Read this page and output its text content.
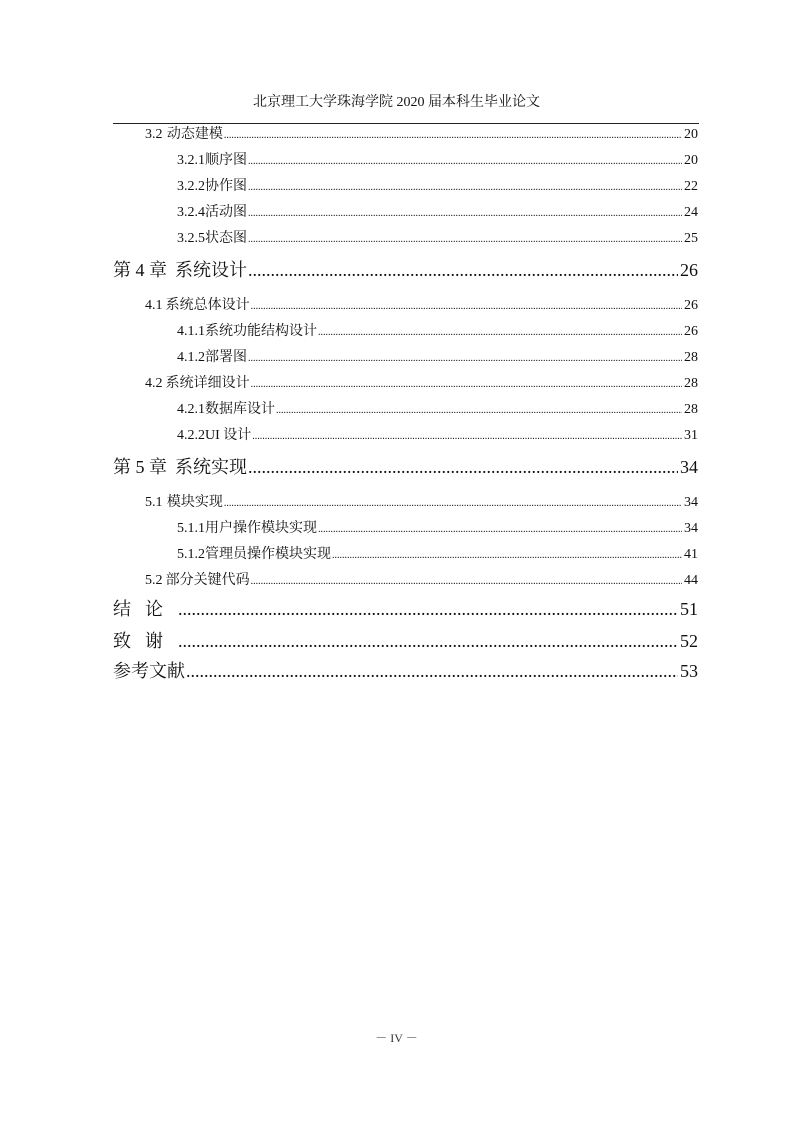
北京理工大学珠海学院 2020 届本科生毕业论文
3.2 动态建模 .....	20
3.2.1 顺序图 .....	20
3.2.2 协作图 .....	22
3.2.4 活动图 .....	24
3.2.5 状态图 .....	25
第 4 章 系统设计 .....	26
4.1 系统总体设计 .....	26
4.1.1 系统功能结构设计 .....	26
4.1.2 部署图 .....	28
4.2 系统详细设计 .....	28
4.2.1 数据库设计 .....	28
4.2.2 UI 设计 .....	31
第 5 章 系统实现 .....	34
5.1 模块实现 .....	34
5.1.1 用户操作模块实现 .....	34
5.1.2 管理员操作模块实现 .....	41
5.2 部分关键代码 .....	44
结论 .....	51
致谢 .....	52
参考文献 .....	53
－ IV －
